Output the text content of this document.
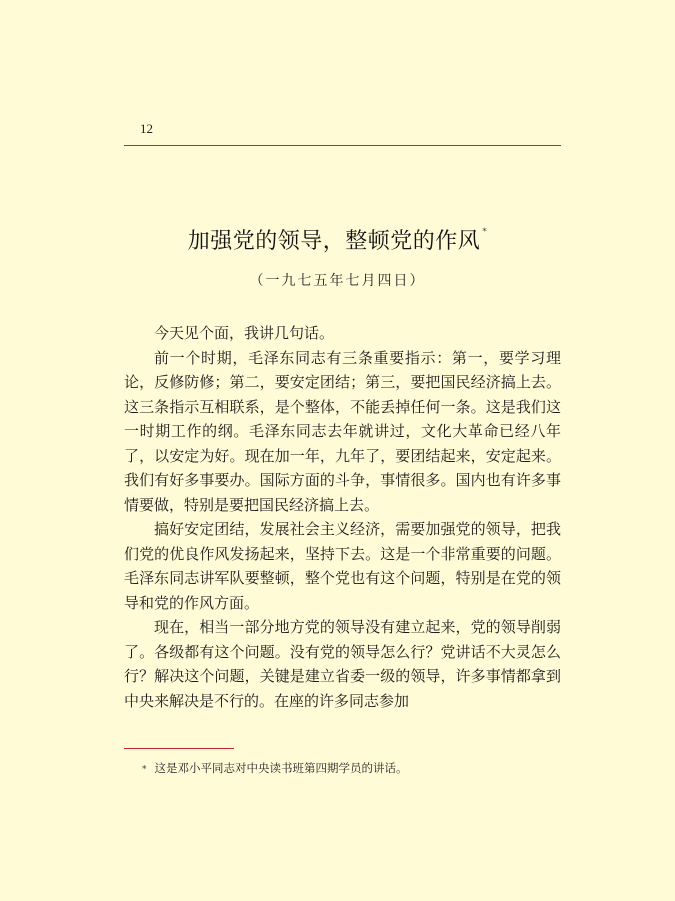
12
加强党的领导，整顿党的作风 *
（一九七五年七月四日）

今天见个面，我讲几句话。

前一个时期，毛泽东同志有三条重要指示：第一，要学习理论，反修防修；第二，要安定团结；第三，要把国民经济搞上去。这三条指示互相联系，是个整体，不能丢掉任何一条。这是我们这一时期工作的纲。毛泽东同志去年就讲过，文化大革命已经八年了，以安定为好。现在加一年，九年了，要团结起来，安定起来。我们有好多事要办。国际方面的斗争，事情很多。国内也有许多事情要做，特别是要把国民经济搞上去。

搞好安定团结，发展社会主义经济，需要加强党的领导，把我们党的优良作风发扬起来，坚持下去。这是一个非常重要的问题。毛泽东同志讲军队要整顿，整个党也有这个问题，特别是在党的领导和党的作风方面。

现在，相当一部分地方党的领导没有建立起来，党的领导削弱了。各级都有这个问题。没有党的领导怎么行？党讲话不大灵怎么行？解决这个问题，关键是建立省委一级的领导，许多事情都拿到中央来解决是不行的。在座的许多同志参加

* 这是邓小平同志对中央读书班第四期学员的讲话。
